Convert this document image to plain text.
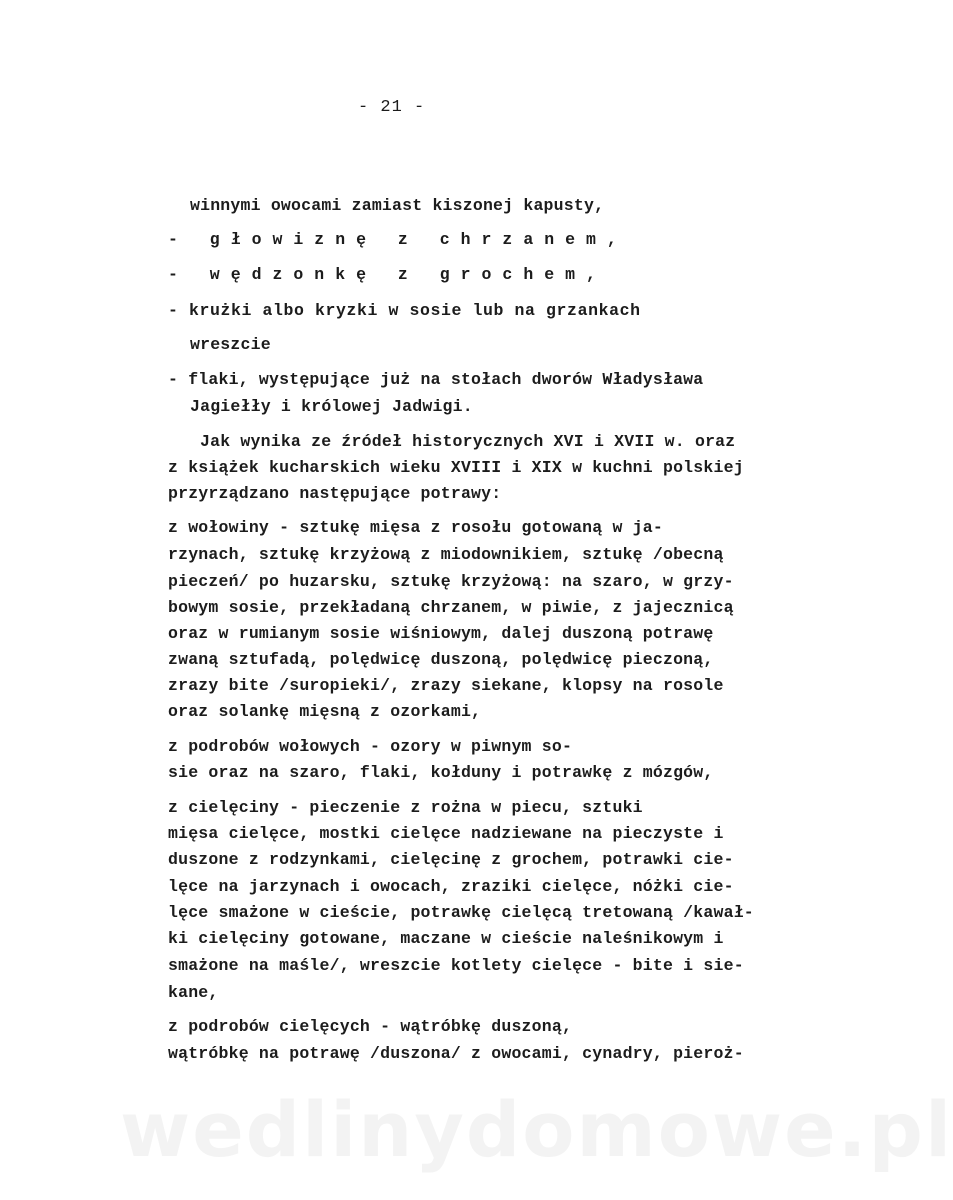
- 21 -
winnymi owocami zamiast kiszonej kapusty,
- głowiznę z chrzanem,
- wędzonkę z grochem,
- krużki albo kryzki w sosie lub na grzankach
wreszcie
- flaki, występujące już na stołach dworów Władysława
Jagiełły i królowej Jadwigi.
Jak wynika ze źródeł historycznych XVI i XVII w. oraz
z książek kucharskich wieku XVIII i XIX w kuchni polskiej
przyrządzano następujące potrawy:
z wołowiny - sztukę mięsa z rosołu gotowaną w ja-
rzynach, sztukę krzyżową z miodownikiem, sztukę /obecną
pieczeń/ po huzarsku, sztukę krzyżową: na szaro, w grzy-
bowym sosie, przekładaną chrzanem, w piwie, z jajecznicą
oraz w rumianym sosie wiśniowym, dalej duszoną potrawę
zwaną sztufadą, polędwicę duszoną, polędwicę pieczoną,
zrazy bite /suropieki/, zrazy siekane, klopsy na rosole
oraz solankę mięsną z ozorkami,
z podrobów wołowych - ozory w piwnym so-
sie oraz na szaro, flaki, kołduny i potrawkę z mózgów,
z cielęciny - pieczenie z rożna w piecu, sztuki
mięsa cielęce, mostki cielęce nadziewane na pieczyste i
duszone z rodzynkami, cielęcinę z grochem, potrawki cie-
lęce na jarzynach i owocach, zraziki cielęce, nóżki cie-
lęce smażone w cieście, potrawkę cielęcą tretowaną /kawał-
ki cielęciny gotowane, maczane w cieście naleśnikowym i
smażone na maśle/, wreszcie kotlety cielęce - bite i sie-
kane,
z podrobów cielęcych - wątróbkę duszoną,
wątróbkę na potrawę /duszona/ z owocami, cynadry, pieroż-
wedlinydomowe.pl
